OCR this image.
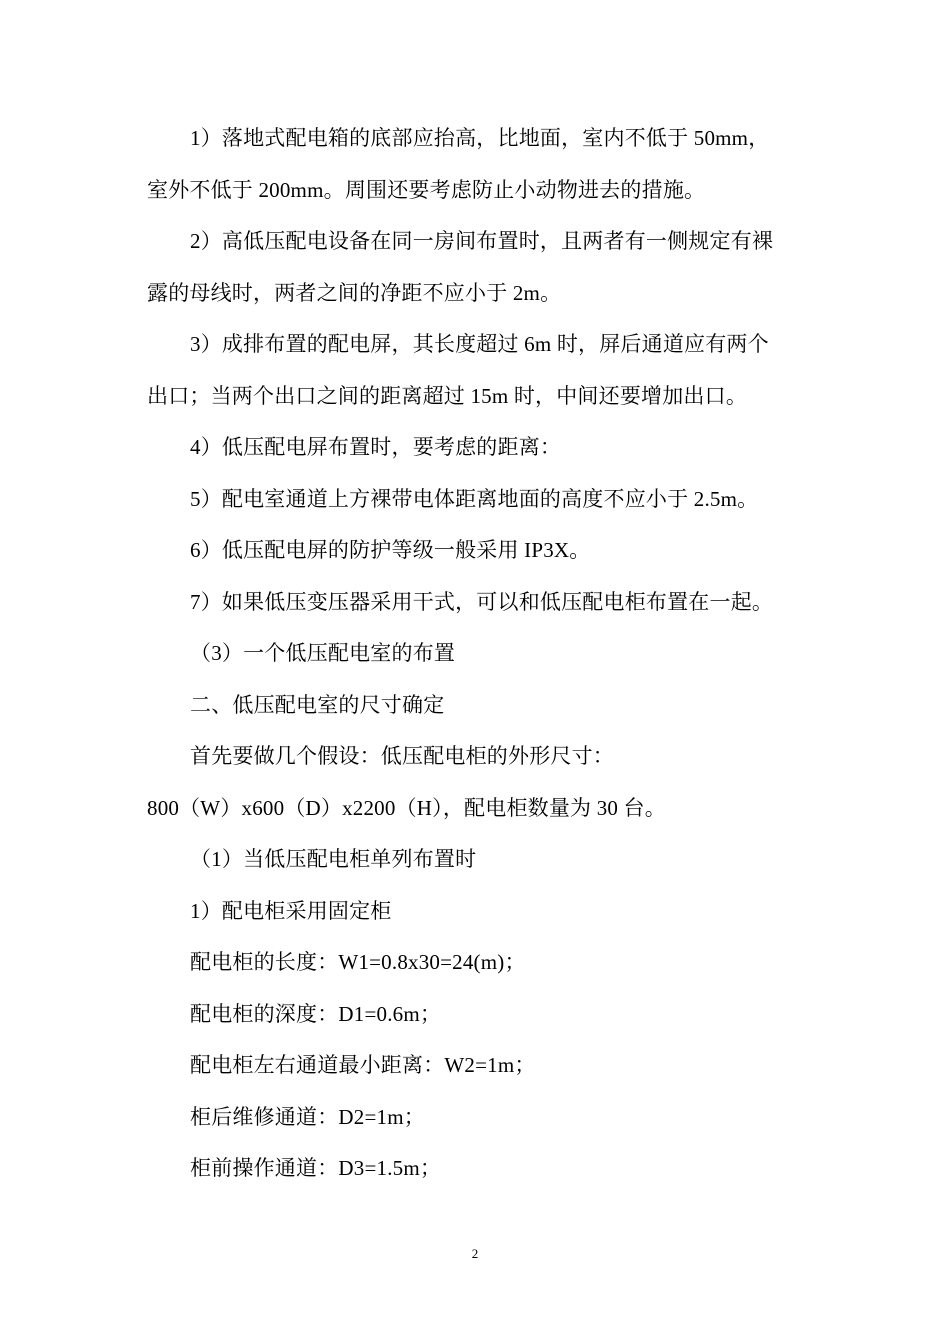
1）落地式配电箱的底部应抬高，比地面，室内不低于 50mm，
室外不低于 200mm。周围还要考虑防止小动物进去的措施。
2）高低压配电设备在同一房间布置时，且两者有一侧规定有裸
露的母线时，两者之间的净距不应小于 2m。
3）成排布置的配电屏，其长度超过 6m 时，屏后通道应有两个
出口；当两个出口之间的距离超过 15m 时，中间还要增加出口。
4）低压配电屏布置时，要考虑的距离：
5）配电室通道上方裸带电体距离地面的高度不应小于 2.5m。
6）低压配电屏的防护等级一般采用 IP3X。
7）如果低压变压器采用干式，可以和低压配电柜布置在一起。
（3）一个低压配电室的布置
二、低压配电室的尺寸确定
首先要做几个假设：低压配电柜的外形尺寸：
800（W）x600（D）x2200（H），配电柜数量为 30 台。
（1）当低压配电柜单列布置时
1）配电柜采用固定柜
配电柜的长度：W1=0.8x30=24(m)；
配电柜的深度：D1=0.6m；
配电柜左右通道最小距离：W2=1m；
柜后维修通道：D2=1m；
柜前操作通道：D3=1.5m；
2
